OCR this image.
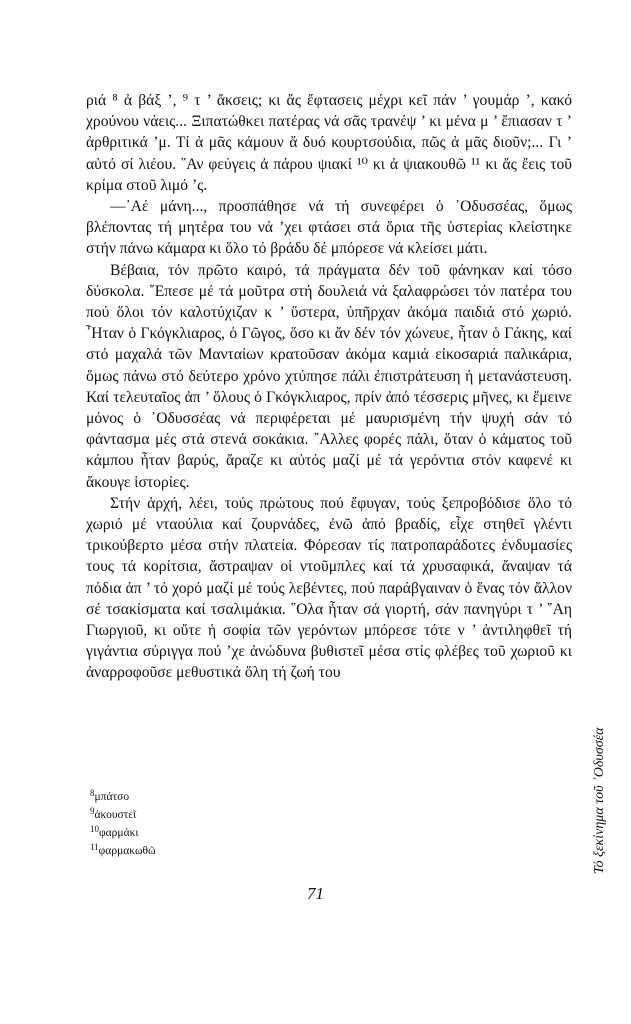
ριά ⁸ ἀ βάξ ’, ⁹ τ ’ ἄκσεις; κι ἄς ἔφτασεις μέχρι κεῖ πάν ’ γουμάρ ’, κακό χρούνου νάεις... Ξιπατώθκει πατέρας νά σᾶς τρανέψ ’ κι μένα μ ’ ἔπιασαν τ ’ ἀρθριτικά ’μ. Τί ἀ μᾶς κάμουν ἄ δυό κουρτσούδια, πῶς ἀ μᾶς διοῦν;... Γι ’ αὐτό σί λιέου. ῞Αν φεύγεις ἀ πάρου ψιακί ¹⁰ κι ἀ ψιακουθῶ ¹¹ κι ἄς ἔεις τοῦ κρίμα στοῦ λιμό ’ς.

—᾽Αέ μάνη..., προσπάθησε νά τή συνεφέρει ὁ ᾽Οδυσσέας, ὅμως βλέποντας τή μητέρα του νά ’χει φτάσει στά ὅρια τῆς ὑστερίας κλείστηκε στήν πάνω κάμαρα κι ὅλο τό βράδυ δέ μπόρεσε νά κλείσει μάτι.

Βέβαια, τόν πρῶτο καιρό, τά πράγματα δέν τοῦ φάνηκαν καί τόσο δύσκολα. ῎Επεσε μέ τά μοῦτρα στή δουλειά νά ξαλαφρώσει τόν πατέρα του πού ὅλοι τόν καλοτύχιζαν κ ’ ὕστερα, ὑπῆρχαν ἀκόμα παιδιά στό χωριό. ῏Ηταν ὁ Γκόγκλιαρος, ὁ Γῶγος, ὅσο κι ἄν δέν τόν χώνευε, ἦταν ὁ Γάκης, καί στό μαχαλά τῶν Μανταίων κρατοῦσαν ἀκόμα καμιά εἰκοσαριά παλικάρια, ὅμως πάνω στό δεύτερο χρόνο χτύπησε πάλι ἐπιστράτευση ἡ μετανάστευση. Καί τελευταῖος ἀπ ’ ὅλους ὁ Γκόγκλιαρος, πρίν ἀπό τέσσερις μῆνες, κι ἔμεινε μόνος ὁ ᾽Οδυσσέας νά περιφέρεται μέ μαυρισμένη τήν ψυχή σάν τό φάντασμα μές στά στενά σοκάκια. ῎Αλλες φορές πάλι, ὅταν ὁ κάματος τοῦ κάμπου ἦταν βαρύς, ἄραζε κι αὐτός μαζί μέ τά γερόντια στόν καφενέ κι ἄκουγε ἱστορίες.

Στήν ἀρχή, λέει, τούς πρώτους πού ἔφυγαν, τούς ξεπροβόδισε ὅλο τό χωριό μέ νταούλια καί ζουρνάδες, ἐνῶ ἀπό βραδίς, εἶχε στηθεῖ γλέντι τρικούβερτο μέσα στήν πλατεία. Φόρεσαν τίς πατροπαράδοτες ἐνδυμασίες τους τά κορίτσια, ἄστραψαν οἱ ντοῦμπλες καί τά χρυσαφικά, ἄναψαν τά πόδια ἀπ ’ τό χορό μαζί μέ τούς λεβέντες, πού παράβγαιναν ὁ ἕνας τόν ἄλλον σέ τσακίσματα καί τσαλιμάκια. ῞Ολα ἦταν σά γιορτή, σάν πανηγύρι τ ’ ῞Αη Γιωργιοῦ, κι οὔτε ἡ σοφία τῶν γερόντων μπόρεσε τότε ν ’ ἀντιληφθεῖ τή γιγάντια σύριγγα πού ’χε ἀνώδυνα βυθιστεῖ μέσα στίς φλέβες τοῦ χωριοῦ κι ἀναρροφοῦσε μεθυστικά ὅλη τή ζωή του

$^8$μπάτσο
$^9$ἀκουστεῖ
$^{10}$φαρμάκι
$^{11}$φαρμακωθῶ
71
Τό ξεκίνημα τοῦ ᾽Οδυσσέα
